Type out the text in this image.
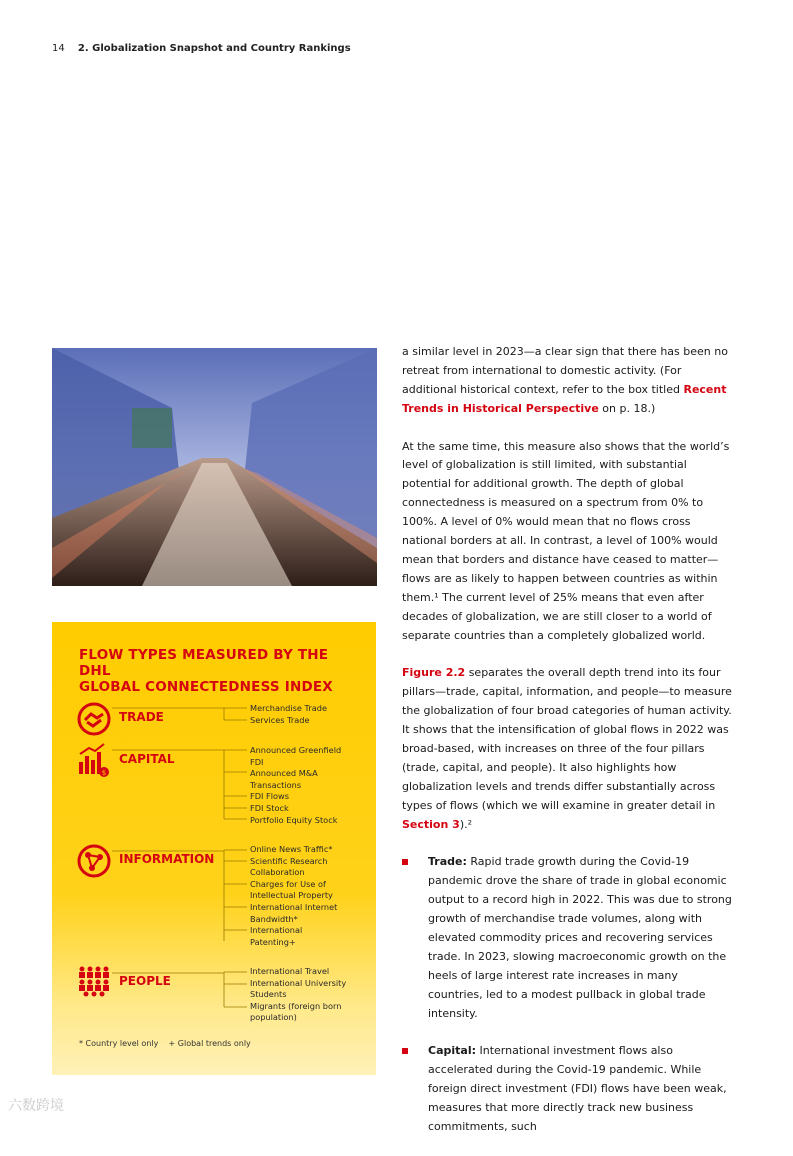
14 2. Globalization Snapshot and Country Rankings
FLOW TYPES MEASURED BY THE DHL
GLOBAL CONNECTEDNESS INDEX
TRADE
Merchandise Trade
Services Trade
$
CAPITAL
Announced Greenfield
FDI
Announced M&A
Transactions
FDI Flows
FDI Stock
Portfolio Equity Stock
INFORMATION
Online News Traffic*
Scientific Research
Collaboration
Charges for Use of
Intellectual Property
International Internet
Bandwidth*
International
Patenting+
PEOPLE
International Travel
International University
Students
Migrants (foreign born
population)
* Country level only    + Global trends only

a similar level in 2023—a clear sign that there has been no retreat from international to domestic activity. (For additional historical context, refer to the box titled Recent Trends in Historical Perspective on p. 18.)

At the same time, this measure also shows that the world’s level of globalization is still limited, with substantial potential for additional growth. The depth of global connectedness is measured on a spectrum from 0% to 100%. A level of 0% would mean that no flows cross national borders at all. In contrast, a level of 100% would mean that borders and distance have ceased to matter—flows are as likely to happen between countries as within them.¹ The current level of 25% means that even after decades of globalization, we are still closer to a world of separate countries than a completely globalized world.

Figure 2.2 separates the overall depth trend into its four pillars—trade, capital, information, and people—to measure the globalization of four broad categories of human activity. It shows that the intensification of global flows in 2022 was broad-based, with increases on three of the four pillars (trade, capital, and people). It also highlights how globalization levels and trends differ substantially across types of flows (which we will examine in greater detail in Section 3).²

Trade: Rapid trade growth during the Covid-19 pandemic drove the share of trade in global economic output to a record high in 2022. This was due to strong growth of merchandise trade volumes, along with elevated commodity prices and recovering services trade. In 2023, slowing macroeconomic growth on the heels of large interest rate increases in many countries, led to a modest pullback in global trade intensity.

Capital: International investment flows also accelerated during the Covid-19 pandemic. While foreign direct investment (FDI) flows have been weak, measures that more directly track new business commitments, such

六数跨境
